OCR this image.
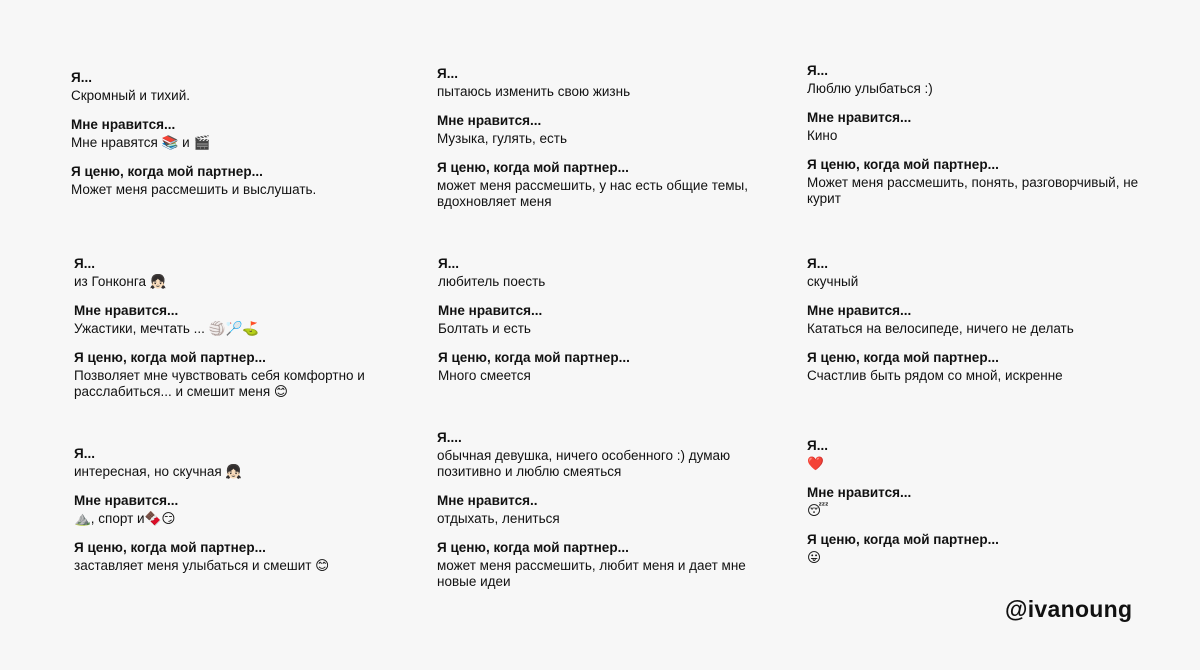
Я...
Скромный и тихий.
Мне нравится...
Мне нравятся 📚 и 🎬
Я ценю, когда мой партнер...
Может меня рассмешить и выслушать.
Я...
пытаюсь изменить свою жизнь
Мне нравится...
Музыка, гулять, есть
Я ценю, когда мой партнер...
может меня рассмешить, у нас есть общие темы, вдохновляет меня
Я...
Люблю улыбаться :)
Мне нравится...
Кино
Я ценю, когда мой партнер...
Может меня рассмешить, понять, разговорчивый, не курит
Я...
из Гонконга 👧🏻
Мне нравится...
Ужастики, мечтать ... 🏐🏸⛳
Я ценю, когда мой партнер...
Позволяет мне чувствовать себя комфортно и расслабиться... и смешит меня 😊
Я...
любитель поесть
Мне нравится...
Болтать и есть
Я ценю, когда мой партнер...
Много смеется
Я...
скучный
Мне нравится...
Кататься на велосипеде, ничего не делать
Я ценю, когда мой партнер...
Счастлив быть рядом со мной, искренне
Я...
интересная, но скучная 👧🏻
Мне нравится...
⛰️, спорт и🍫😏
Я ценю, когда мой партнер...
заставляет меня улыбаться и смешит 😊
Я....
обычная девушка, ничего особенного :) думаю позитивно и люблю смеяться
Мне нравится..
отдыхать, лениться
Я ценю, когда мой партнер...
может меня рассмешить, любит меня и дает мне новые идеи
Я...
❤️
Мне нравится...
😴
Я ценю, когда мой партнер...
😛
@ivanoung
